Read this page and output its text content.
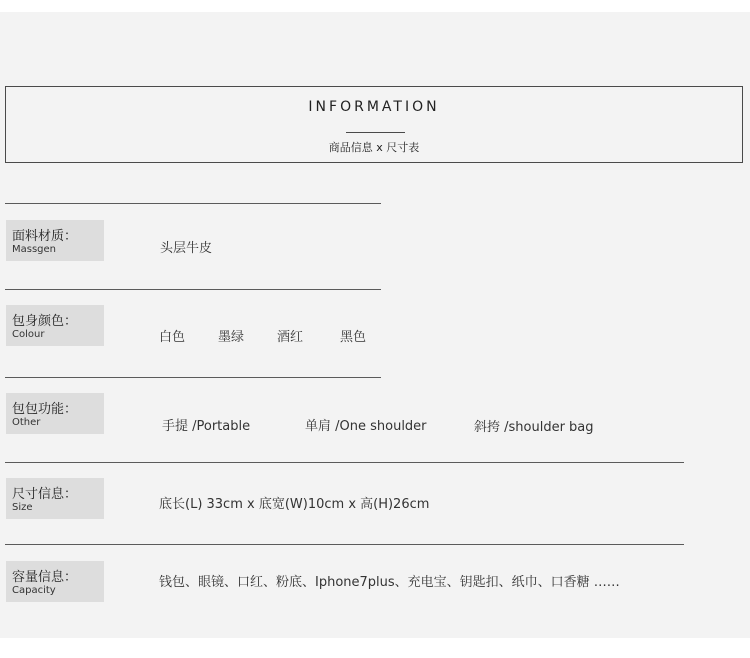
INFORMATION
商品信息 x 尺寸表
面料材质：
Massgen	头层牛皮
包身颜色：
Colour	白色	墨绿	酒红	黑色
包包功能：
Other	手提 /Portable	单肩 /One shoulder	斜挎 /shoulder bag
尺寸信息：
Size	底长(L) 33cm x 底宽(W)10cm x 高(H)26cm
容量信息：
Capacity
钱包、眼镜、口红、粉底、Iphone7plus、充电宝、钥匙扣、纸巾、口香糖 ……
